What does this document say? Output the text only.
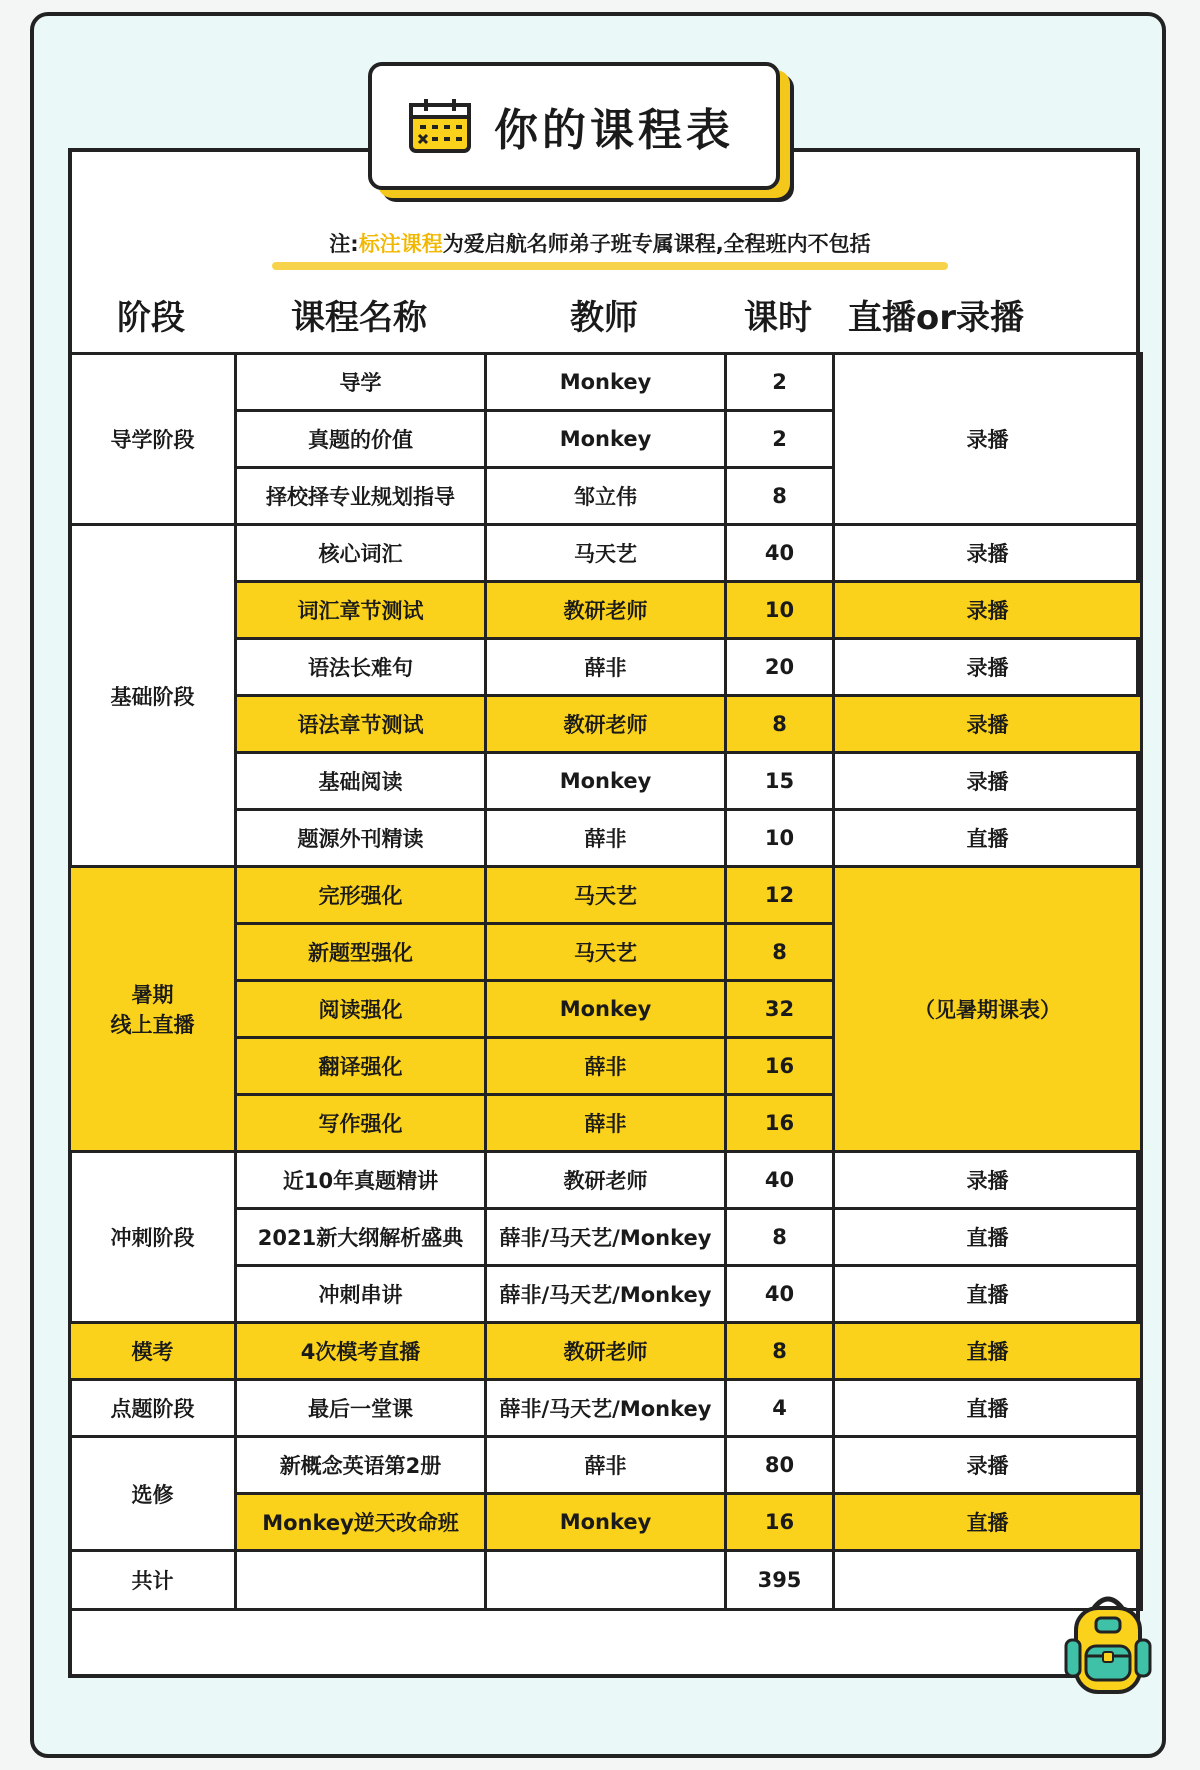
你的课程表
注:标注课程为爱启航名师弟子班专属课程,全程班内不包括
阶段	课程名称	教师	课时	直播or录播
导学阶段	导学	Monkey	2	录播
	真题的价值	Monkey	2	
	择校择专业规划指导	邹立伟	8	
基础阶段	核心词汇	马天艺	40	录播
	词汇章节测试	教研老师	10	录播
	语法长难句	薛非	20	录播
	语法章节测试	教研老师	8	录播
	基础阅读	Monkey	15	录播
	题源外刊精读	薛非	10	直播

暑期
线上直播	完形强化	马天艺	12	（见暑期课表）
	新题型强化	马天艺	8	
	阅读强化	Monkey	32	
	翻译强化	薛非	16	
	写作强化	薛非	16	
冲刺阶段	近10年真题精讲	教研老师	40	录播
	2021新大纲解析盛典	薛非/马天艺/Monkey	8	直播
	冲刺串讲	薛非/马天艺/Monkey	40	直播
模考	4次模考直播	教研老师	8	直播
点题阶段	最后一堂课	薛非/马天艺/Monkey	4	直播
选修	新概念英语第2册	薛非	80	录播
	Monkey逆天改命班	Monkey	16	直播
共计			395	
